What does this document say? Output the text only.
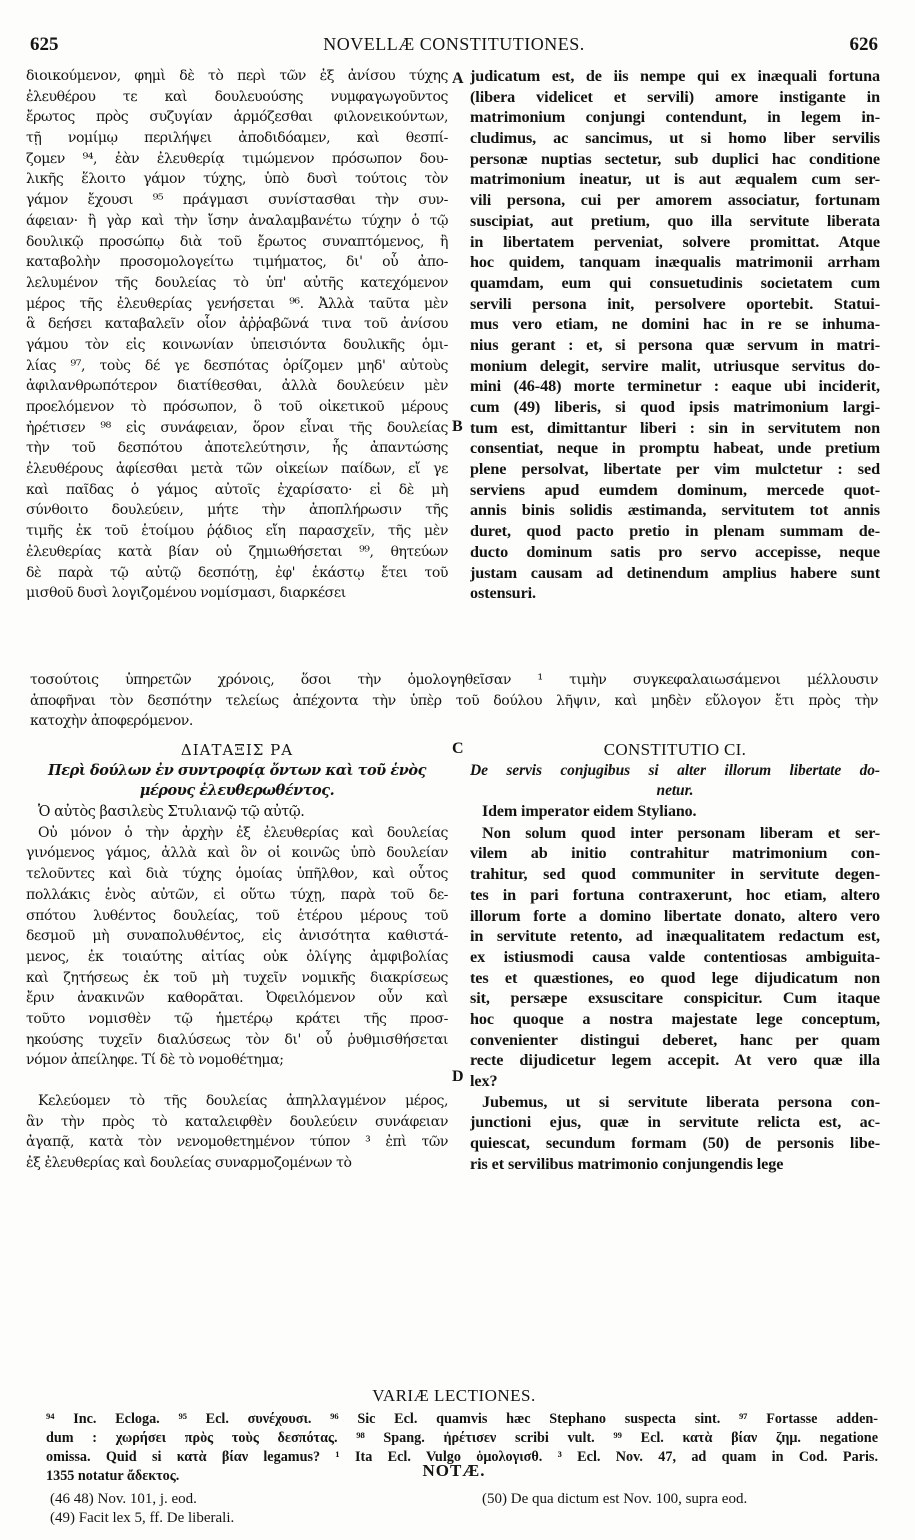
625	NOVELLÆ CONSTITUTIONES.	626
A
B
C
D
διοικούμενον, φημὶ δὲ τὸ περὶ τῶν ἐξ ἀνίσου τύχης
ἐλευθέρου τε καὶ δουλευούσης νυμφαγωγοῦντος
ἔρωτος πρὸς συζυγίαν ἁρμόζεσθαι φιλονεικούντων,
τῇ νομίμῳ περιλήψει ἀποδιδόαμεν, καὶ θεσπί-
ζομεν ⁹⁴, ἐὰν ἐλευθερίᾳ τιμώμενον πρόσωπον δου-
λικῆς ἕλοιτο γάμον τύχης, ὑπὸ δυσὶ τούτοις τὸν
γάμον ἔχουσι ⁹⁵ πράγμασι συνίστασθαι τὴν συν-
άφειαν· ἢ γὰρ καὶ τὴν ἴσην ἀναλαμβανέτω τύχην ὁ τῷ
δουλικῷ προσώπῳ διὰ τοῦ ἔρωτος συναπτόμενος, ἢ
καταβολὴν προσομολογείτω τιμήματος, δι' οὗ ἀπο-
λελυμένον τῆς δουλείας τὸ ὑπ' αὐτῆς κατεχόμενον
μέρος τῆς ἐλευθερίας γενήσεται ⁹⁶. Ἀλλὰ ταῦτα μὲν
ἃ δεήσει καταβαλεῖν οἷον ἀῤῥαβῶνά τινα τοῦ ἀνίσου
γάμου τὸν εἰς κοινωνίαν ὑπεισιόντα δουλικῆς ὁμι-
λίας ⁹⁷, τοὺς δέ γε δεσπότας ὁρίζομεν μηδ' αὐτοὺς
ἀφιλανθρωπότερον διατίθεσθαι, ἀλλὰ δουλεύειν μὲν
προελόμενον τὸ πρόσωπον, ὃ τοῦ οἰκετικοῦ μέρους
ἠρέτισεν ⁹⁸ εἰς συνάφειαν, ὅρον εἶναι τῆς δουλείας
τὴν τοῦ δεσπότου ἀποτελεύτησιν, ἧς ἀπαντώσης
ἐλευθέρους ἀφίεσθαι μετὰ τῶν οἰκείων παίδων, εἴ γε
καὶ παῖδας ὁ γάμος αὐτοῖς ἐχαρίσατο· εἰ δὲ μὴ
σύνθοιτο δουλεύειν, μήτε τὴν ἀποπλήρωσιν τῆς
τιμῆς ἐκ τοῦ ἑτοίμου ῥᾴδιος εἴη παρασχεῖν, τῆς μὲν
ἐλευθερίας κατὰ βίαν οὐ ζημιωθήσεται ⁹⁹, θητεύων
δὲ παρὰ τῷ αὐτῷ δεσπότῃ, ἐφ' ἑκάστῳ ἔτει τοῦ
μισθοῦ δυσὶ λογιζομένου νομίσμασι, διαρκέσει
judicatum est, de iis nempe qui ex inæquali fortuna
(libera videlicet et servili) amore instigante in
matrimonium conjungi contendunt, in legem in-
cludimus, ac sancimus, ut si homo liber servilis
personæ nuptias sectetur, sub duplici hac conditione
matrimonium ineatur, ut is aut æqualem cum ser-
vili persona, cui per amorem associatur, fortunam
suscipiat, aut pretium, quo illa servitute liberata
in libertatem perveniat, solvere promittat. Atque
hoc quidem, tanquam inæqualis matrimonii arrham
quamdam, eum qui consuetudinis societatem cum
servili persona init, persolvere oportebit. Statui-
mus vero etiam, ne domini hac in re se inhuma-
nius gerant : et, si persona quæ servum in matri-
monium delegit, servire malit, utriusque servitus do-
mini (46-48) morte terminetur : eaque ubi inciderit,
cum (49) liberis, si quod ipsis matrimonium largi-
tum est, dimittantur liberi : sin in servitutem non
consentiat, neque in promptu habeat, unde pretium
plene persolvat, libertate per vim mulctetur : sed
serviens apud eumdem dominum, mercede quot-
annis binis solidis æstimanda, servitutem tot annis
duret, quod pacto pretio in plenam summam de-
ducto dominum satis pro servo accepisse, neque
justam causam ad detinendum amplius habere sunt
ostensuri.
τοσούτοις ὑπηρετῶν χρόνοις, ὅσοι τὴν ὁμολογηθεῖσαν ¹ τιμὴν συγκεφαλαιωσάμενοι μέλλουσιν
ἀποφῆναι τὸν δεσπότην τελείως ἀπέχοντα τὴν ὑπὲρ τοῦ δούλου λῆψιν, καὶ μηδὲν εὔλογον ἔτι πρὸς τὴν
κατοχὴν ἀποφερόμενον.
ΔΙΑΤΑΞΙΣ ΡΑ
Περὶ δούλων ἐν συντροφίᾳ ὄντων καὶ τοῦ ἑνὸς
μέρους ἐλευθερωθέντος.
Ὁ αὐτὸς βασιλεὺς Στυλιανῷ τῷ αὐτῷ.
Οὐ μόνον ὁ τὴν ἀρχὴν ἐξ ἐλευθερίας καὶ δουλείας
γινόμενος γάμος, ἀλλὰ καὶ ὃν οἱ κοινῶς ὑπὸ δουλείαν
τελοῦντες καὶ διὰ τύχης ὁμοίας ὑπῆλθον, καὶ οὗτος
πολλάκις ἑνὸς αὐτῶν, εἰ οὕτω τύχῃ, παρὰ τοῦ δε-
σπότου λυθέντος δουλείας, τοῦ ἑτέρου μέρους τοῦ
δεσμοῦ μὴ συναπολυθέντος, εἰς ἀνισότητα καθιστά-
μενος, ἐκ τοιαύτης αἰτίας οὐκ ὀλίγης ἀμφιβολίας
καὶ ζητήσεως ἐκ τοῦ μὴ τυχεῖν νομικῆς διακρίσεως
ἔριν ἀνακινῶν καθορᾶται. Ὀφειλόμενον οὖν καὶ
τοῦτο νομισθὲν τῷ ἡμετέρῳ κράτει τῆς προσ-
ηκούσης τυχεῖν διαλύσεως τὸν δι' οὗ ῥυθμισθήσεται
νόμον ἀπείληφε. Τί δὲ τὸ νομοθέτημα;
Κελεύομεν τὸ τῆς δουλείας ἀπηλλαγμένον μέρος,
ἂν τὴν πρὸς τὸ καταλειφθὲν δουλεύειν συνάφειαν
ἀγαπᾷ, κατὰ τὸν νενομοθετημένον τύπον ³ ἐπὶ τῶν
ἐξ ἐλευθερίας καὶ δουλείας συναρμοζομένων τὸ
CONSTITUTIO CI.
De servis conjugibus si alter illorum libertate do-
netur.
Idem imperator eidem Styliano.
Non solum quod inter personam liberam et ser-
vilem ab initio contrahitur matrimonium con-
trahitur, sed quod communiter in servitute degen-
tes in pari fortuna contraxerunt, hoc etiam, altero
illorum forte a domino libertate donato, altero vero
in servitute retento, ad inæqualitatem redactum est,
ex istiusmodi causa valde contentiosas ambiguita-
tes et quæstiones, eo quod lege dijudicatum non
sit, persæpe exsuscitare conspicitur. Cum itaque
hoc quoque a nostra majestate lege conceptum,
convenienter distingui deberet, hanc per quam
recte dijudicetur legem accepit. At vero quæ illa
lex?
Jubemus, ut si servitute liberata persona con-
junctioni ejus, quæ in servitute relicta est, ac-
quiescat, secundum formam (50) de personis libe-
ris et servilibus matrimonio conjungendis lege
VARIÆ LECTIONES.
⁹⁴ Inc. Ecloga. ⁹⁵ Ecl. συνέχουσι. ⁹⁶ Sic Ecl. quamvis hæc Stephano suspecta sint. ⁹⁷ Fortasse adden-
dum : χωρήσει πρὸς τοὺς δεσπότας. ⁹⁸ Spang. ἠρέτισεν scribi vult. ⁹⁹ Ecl. κατὰ βίαν ζημ. negatione
omissa. Quid si κατὰ βίαν legamus? ¹ Ita Ecl. Vulgo ὁμολογισθ. ³ Ecl. Nov. 47, ad quam in Cod. Paris.
1355 notatur ἄδεκτος.	NOTÆ.
(46 48) Nov. 101, j. eod.
(49) Facit lex 5, ff. De liberali.
(50) De qua dictum est Nov. 100, supra eod.
